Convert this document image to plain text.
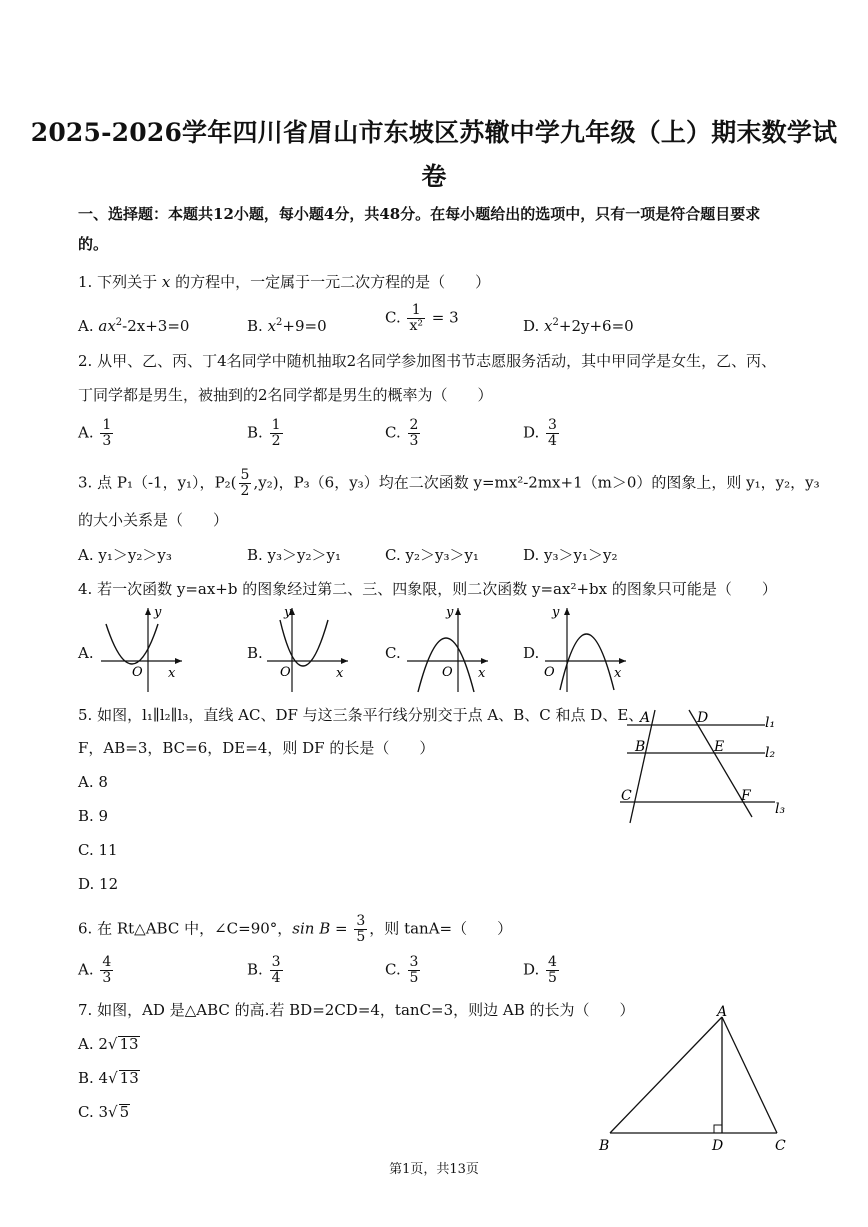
2025-2026学年四川省眉山市东坡区苏辙中学九年级（上）期末数学试
卷
一、选择题：本题共12小题，每小题4分，共48分。在每小题给出的选项中，只有一项是符合题目要求
的。
1. 下列关于 x 的方程中，一定属于一元二次方程的是（　　）
A. $ax^2-2x+3=0$	B. $x^2+9=0$	C. $\frac{1}{\text{x²}} = 3$	D. $x^2+2y+6=0$
2. 从甲、乙、丙、丁4名同学中随机抽取2名同学参加图书节志愿服务活动，其中甲同学是女生，乙、丙、
丁同学都是男生，被抽到的2名同学都是男生的概率为（　　）
A. $\frac{1}{3}$	B. $\frac{1}{2}$	C. $\frac{2}{3}$	D. $\frac{3}{4}$
3. 点 P₁（-1，y₁），$P_2( \frac{5}{2} ,y_2)$，P₃（6，y₃）均在二次函数 y=mx²-2mx+1（m＞0）的图象上，则 y₁，y₂，y₃
的大小关系是（　　）
A. y₁＞y₂＞y₃	B. y₃＞y₂＞y₁	C. y₂＞y₃＞y₁	D. y₃＞y₁＞y₂
4. 若一次函数 y=ax+b 的图象经过第二、三、四象限，则二次函数 y=ax²+bx 的图象只可能是（　　）
A.	B.	C.	D.
y
x
O
y
x
O
y
x
O
y
x
O
5. 如图，l₁∥l₂∥l₃，直线 AC、DF 与这三条平行线分别交于点 A、B、C 和点 D、E、
F，AB=3，BC=6，DE=4，则 DF 的长是（　　）
A. 8
B. 9
C. 11
D. 12
A
B
C
D
E
F
l₁
l₂
l₃
6. 在 Rt△ABC 中，∠C=90°，$\sin B = \frac{3}{5}$ ，则 tanA=（　　）
A. $\frac{4}{3}$	B. $\frac{3}{4}$	C. $\frac{3}{5}$	D. $\frac{4}{5}$
7. 如图，AD 是△ABC 的高.若 BD=2CD=4，tanC=3，则边 AB 的长为（　　）
A. 2√ 13
B. 4√ 13
C. 3√ 5
A
B	D	C
第1页，共13页
